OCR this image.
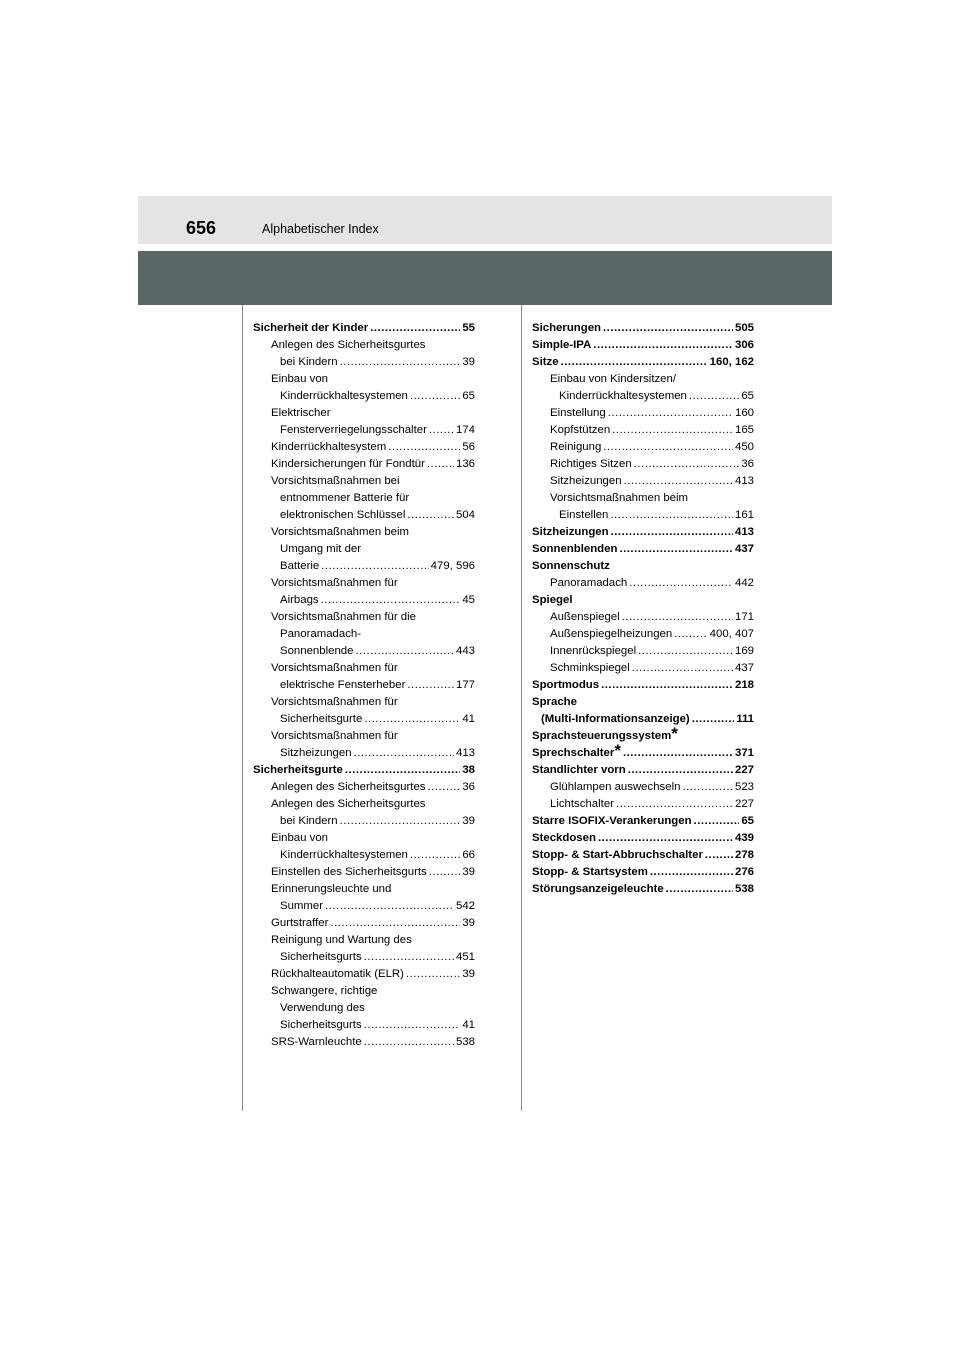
656	Alphabetischer Index
Sicherheit der Kinder .....	55
Anlegen des Sicherheitsgurtes
bei Kindern .....	39
Einbau von
Kinderrückhaltesystemen .....	65
Elektrischer
Fensterverriegelungsschalter .....	174
Kinderrückhaltesystem .....	56
Kindersicherungen für Fondtür .....	136
Vorsichtsmaßnahmen bei
entnommener Batterie für
elektronischen Schlüssel .....	504
Vorsichtsmaßnahmen beim
Umgang mit der
Batterie .....	479, 596
Vorsichtsmaßnahmen für
Airbags .....	45
Vorsichtsmaßnahmen für die
Panoramadach-
Sonnenblende .....	443
Vorsichtsmaßnahmen für
elektrische Fensterheber .....	177
Vorsichtsmaßnahmen für
Sicherheitsgurte .....	41
Vorsichtsmaßnahmen für
Sitzheizungen .....	413
Sicherheitsgurte .....	38
Anlegen des Sicherheitsgurtes .....	36
Anlegen des Sicherheitsgurtes
bei Kindern .....	39
Einbau von
Kinderrückhaltesystemen .....	66
Einstellen des Sicherheitsgurts .....	39
Erinnerungsleuchte und
Summer .....	542
Gurtstraffer .....	39
Reinigung und Wartung des
Sicherheitsgurts .....	451
Rückhalteautomatik (ELR) .....	39
Schwangere, richtige
Verwendung des
Sicherheitsgurts .....	41
SRS-Warnleuchte .....	538
Sicherungen .....	505
Simple-IPA .....	306
Sitze .....	160, 162
Einbau von Kindersitzen/
Kinderrückhaltesystemen .....	65
Einstellung .....	160
Kopfstützen .....	165
Reinigung .....	450
Richtiges Sitzen .....	36
Sitzheizungen .....	413
Vorsichtsmaßnahmen beim
Einstellen .....	161
Sitzheizungen .....	413
Sonnenblenden .....	437
Sonnenschutz
Panoramadach .....	442
Spiegel
Außenspiegel .....	171
Außenspiegelheizungen .....	400, 407
Innenrückspiegel .....	169
Schminkspiegel .....	437
Sportmodus .....	218
Sprache
(Multi-Informationsanzeige) .....	111
Sprachsteuerungssystem *
Sprechschalter * .....	371
Standlichter vorn .....	227
Glühlampen auswechseln .....	523
Lichtschalter .....	227
Starre ISOFIX-Verankerungen .....	65
Steckdosen .....	439
Stopp- & Start-Abbruchschalter .....	278
Stopp- & Startsystem .....	276
Störungsanzeigeleuchte .....	538
